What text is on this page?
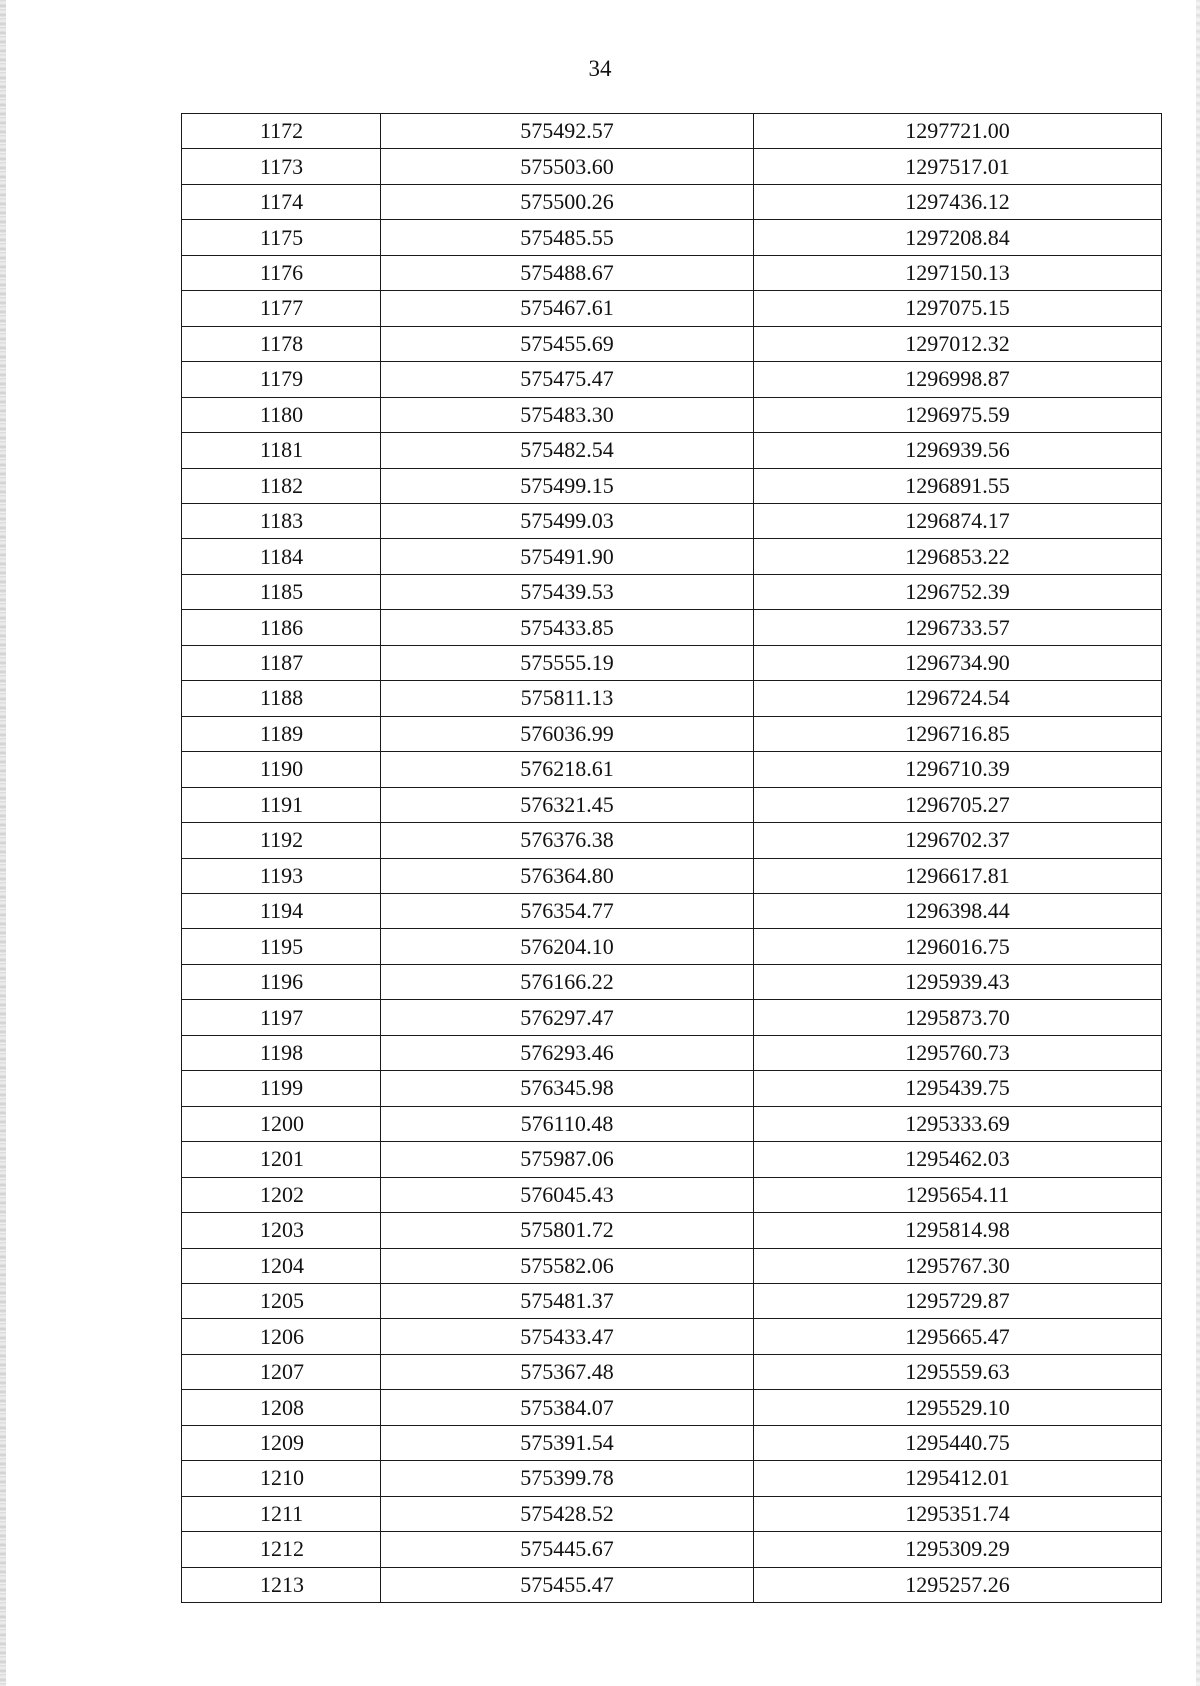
34
1172	575492.57	1297721.00
1173	575503.60	1297517.01
1174	575500.26	1297436.12
1175	575485.55	1297208.84
1176	575488.67	1297150.13
1177	575467.61	1297075.15
1178	575455.69	1297012.32
1179	575475.47	1296998.87
1180	575483.30	1296975.59
1181	575482.54	1296939.56
1182	575499.15	1296891.55
1183	575499.03	1296874.17
1184	575491.90	1296853.22
1185	575439.53	1296752.39
1186	575433.85	1296733.57
1187	575555.19	1296734.90
1188	575811.13	1296724.54
1189	576036.99	1296716.85
1190	576218.61	1296710.39
1191	576321.45	1296705.27
1192	576376.38	1296702.37
1193	576364.80	1296617.81
1194	576354.77	1296398.44
1195	576204.10	1296016.75
1196	576166.22	1295939.43
1197	576297.47	1295873.70
1198	576293.46	1295760.73
1199	576345.98	1295439.75
1200	576110.48	1295333.69
1201	575987.06	1295462.03
1202	576045.43	1295654.11
1203	575801.72	1295814.98
1204	575582.06	1295767.30
1205	575481.37	1295729.87
1206	575433.47	1295665.47
1207	575367.48	1295559.63
1208	575384.07	1295529.10
1209	575391.54	1295440.75
1210	575399.78	1295412.01
1211	575428.52	1295351.74
1212	575445.67	1295309.29
1213	575455.47	1295257.26
